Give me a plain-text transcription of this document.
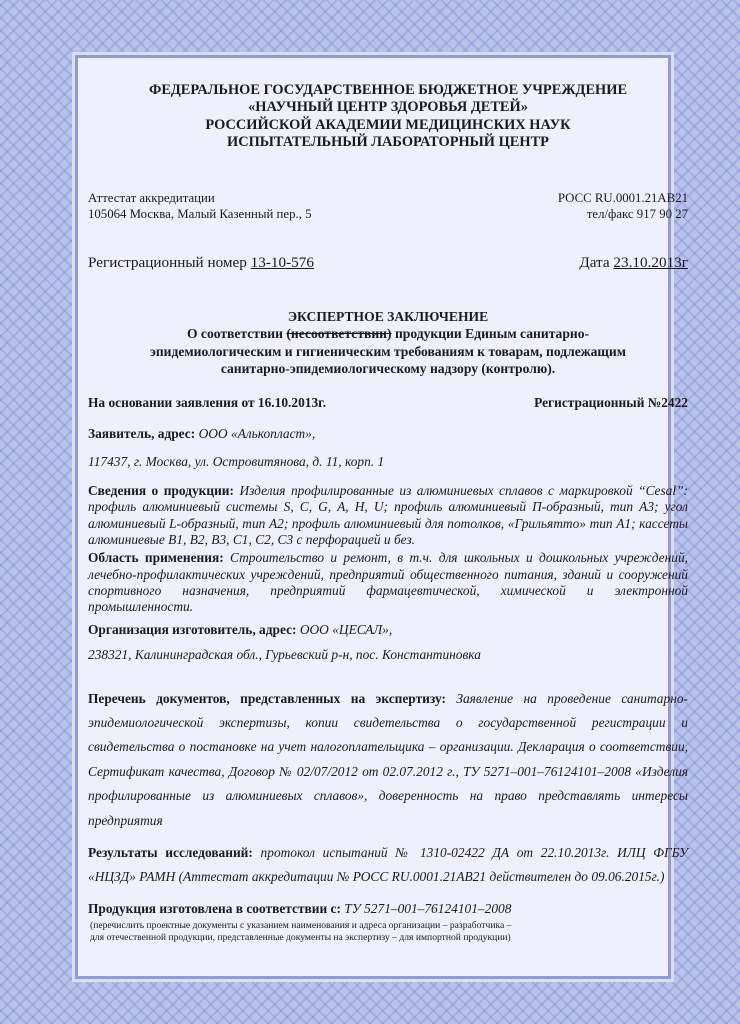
ФЕДЕРАЛЬНОЕ ГОСУДАРСТВЕННОЕ БЮДЖЕТНОЕ УЧРЕЖДЕНИЕ
«НАУЧНЫЙ ЦЕНТР ЗДОРОВЬЯ ДЕТЕЙ»
РОССИЙСКОЙ АКАДЕМИИ МЕДИЦИНСКИХ НАУК
ИСПЫТАТЕЛЬНЫЙ ЛАБОРАТОРНЫЙ ЦЕНТР
Аттестат аккредитации
105064 Москва, Малый Казенный пер., 5
РОСС RU.0001.21АВ21
тел/факс 917 90 27
Регистрационный номер 13-10-576	Дата 23.10.2013г
ЭКСПЕРТНОЕ ЗАКЛЮЧЕНИЕ
О соответствии (несоответствии) продукции Единым санитарно-
эпидемиологическим и гигиеническим требованиям к товарам, подлежащим
санитарно-эпидемиологическому надзору (контролю).
На основании заявления от 16.10.2013г.	Регистрационный №2422
Заявитель, адрес: ООО «Алькопласт»,
117437, г. Москва, ул. Островитянова, д. 11, корп. 1
Сведения о продукции: Изделия профилированные из алюминиевых сплавов с маркировкой “Cesal”: профиль алюминиевый системы S, C, G, A, H, U; профиль алюминиевый П-образный, тип А3; угол алюминиевый L-образный, тип А2; профиль алюминиевый для потолков, «Грильятто» тип А1; кассеты алюминиевые В1, В2, В3, С1, С2, С3 с перфорацией и без.
Область применения: Строительство и ремонт, в т.ч. для школьных и дошкольных учреждений, лечебно-профилактических учреждений, предприятий общественного питания, зданий и сооружений спортивного назначения, предприятий фармацевтической, химической и электронной промышленности.
Организация изготовитель, адрес: ООО «ЦЕСАЛ»,
238321, Калининградская обл., Гурьевский р-н, пос. Константиновка
Перечень документов, представленных на экспертизу: Заявление на проведение санитарно-эпидемиологической экспертизы, копии свидетельства о государственной регистрации и свидетельства о постановке на учет налогоплательщика – организации. Декларация о соответствии, Сертификат качества, Договор № 02/07/2012 от 02.07.2012 г., ТУ 5271–001–76124101–2008 «Изделия профилированные из алюминиевых сплавов», доверенность на право представлять интересы предприятия
Результаты исследований: протокол испытаний № 1310-02422 ДА от 22.10.2013г. ИЛЦ ФГБУ «НЦЗД» РАМН (Аттестат аккредитации № РОСС RU.0001.21АВ21 действителен до 09.06.2015г.)
Продукция изготовлена в соответствии с: ТУ 5271–001–76124101–2008
(перечислить проектные документы с указанием наименования и адреса организации – разработчика –
для отечественной продукции, представленные документы на экспертизу – для импортной продукции)
